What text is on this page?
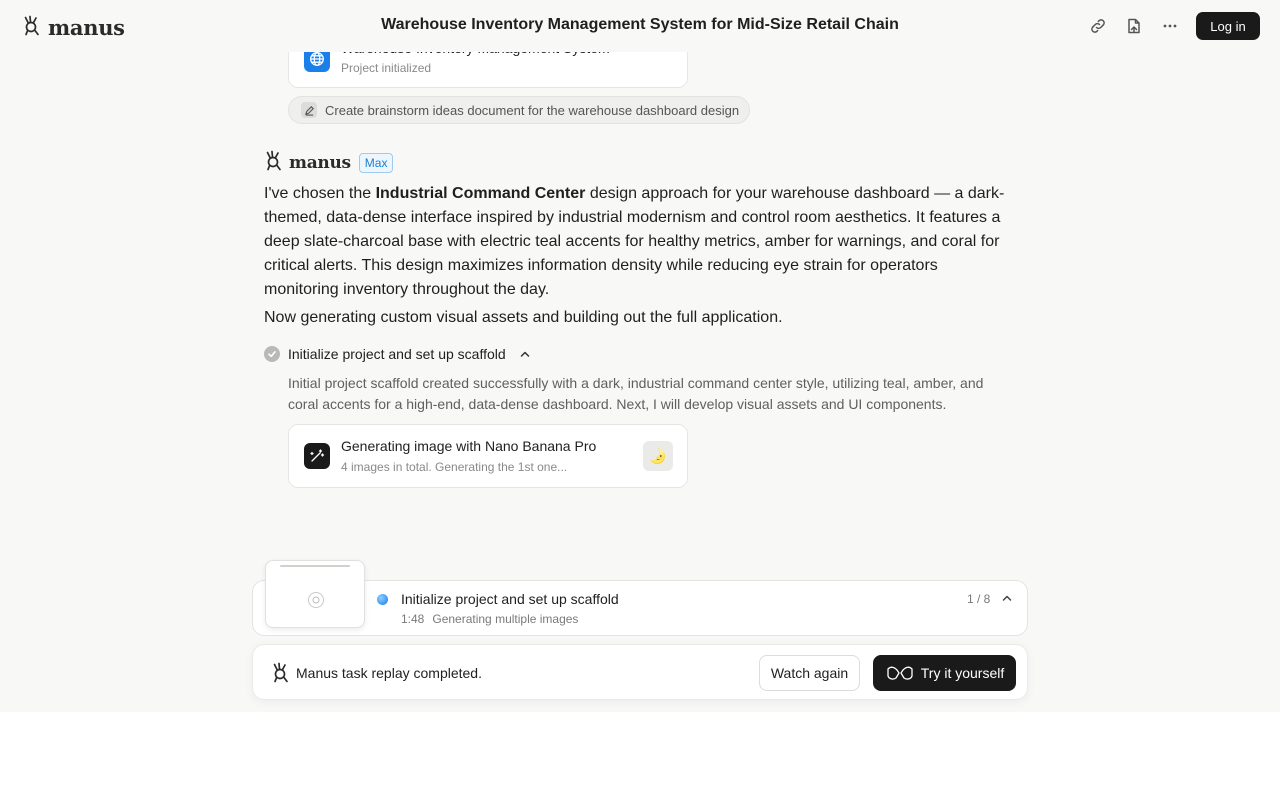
Project initialized
Create brainstorm ideas document for the warehouse dashboard design
manus	Max

I've chosen the Industrial Command Center design approach for your warehouse dashboard — a dark-themed, data-dense interface inspired by industrial modernism and control room aesthetics. It features a deep slate-charcoal base with electric teal accents for healthy metrics, amber for warnings, and coral for critical alerts. This design maximizes information density while reducing eye strain for operators monitoring inventory throughout the day.

Now generating custom visual assets and building out the full application.

Initialize project and set up scaffold
Initial project scaffold created successfully with a dark, industrial command center style, utilizing teal, amber, and coral accents for a high-end, data-dense dashboard. Next, I will develop visual assets and UI components.
Generating image with Nano Banana Pro
4 images in total. Generating the 1st one...
🌛
Initialize project and set up scaffold
1:48 Generating multiple images
1 / 8
Manus task replay completed.	Watch again	Try it yourself
manus	Warehouse Inventory Management System for Mid-Size Retail Chain	Log in
